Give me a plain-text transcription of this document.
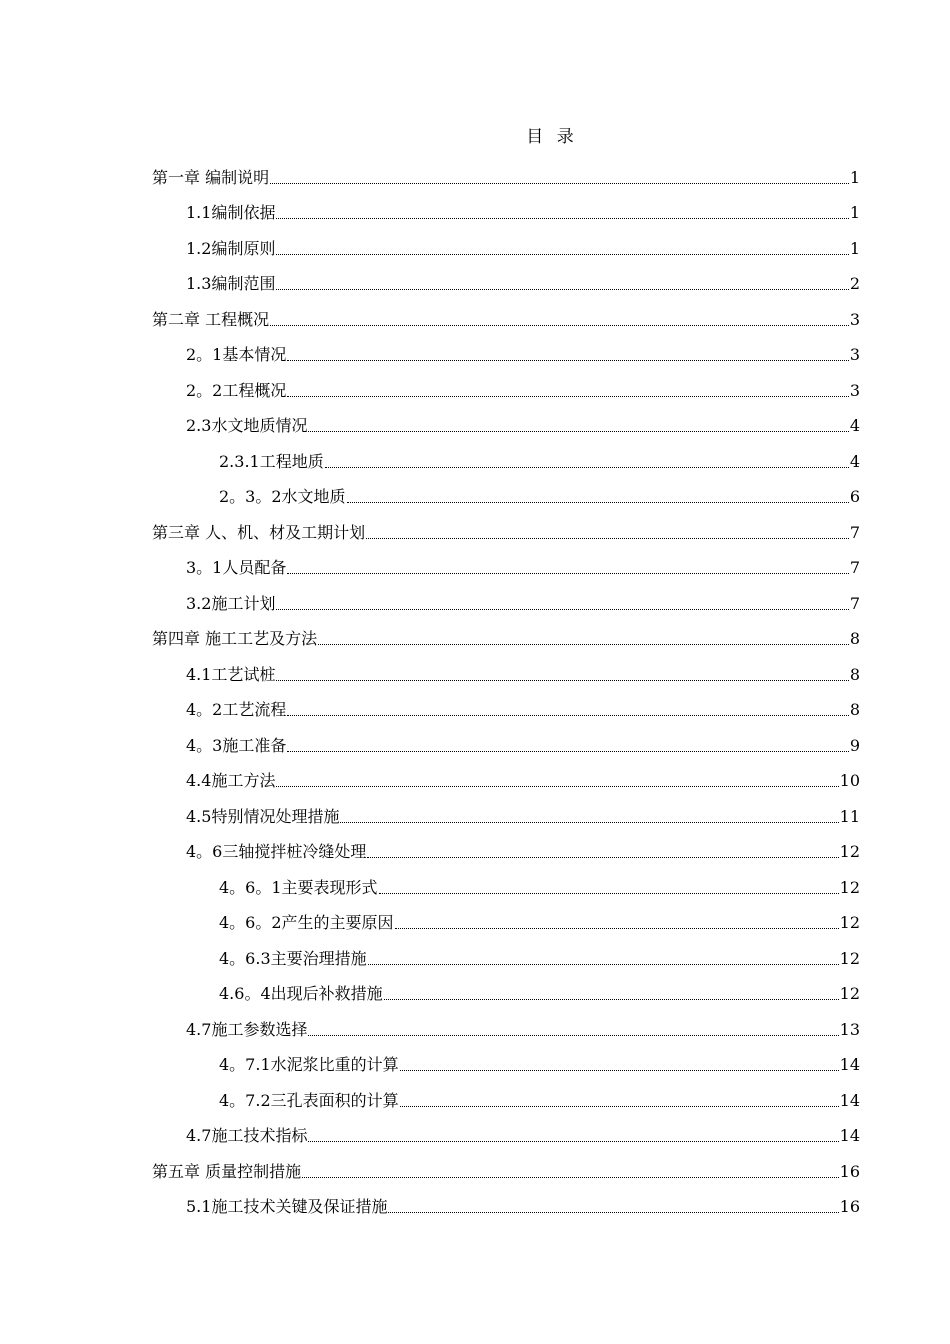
目 录
第一章 编制说明	1
1.1编制依据	1
1.2编制原则	1
1.3编制范围	2
第二章 工程概况	3
2。1基本情况	3
2。2工程概况	3
2.3水文地质情况	4
2.3.1工程地质	4
2。3。2水文地质	6
第三章 人、机、材及工期计划	7
3。1人员配备	7
3.2施工计划	7
第四章 施工工艺及方法	8
4.1工艺试桩	8
4。2工艺流程	8
4。3施工准备	9
4.4施工方法	10
4.5特别情况处理措施	11
4。6三轴搅拌桩冷缝处理	12
4。6。1主要表现形式	12
4。6。2产生的主要原因	12
4。6.3主要治理措施	12
4.6。4出现后补救措施	12
4.7施工参数选择	13
4。7.1水泥浆比重的计算	14
4。7.2三孔表面积的计算	14
4.7施工技术指标	14
第五章 质量控制措施	16
5.1施工技术关键及保证措施	16
